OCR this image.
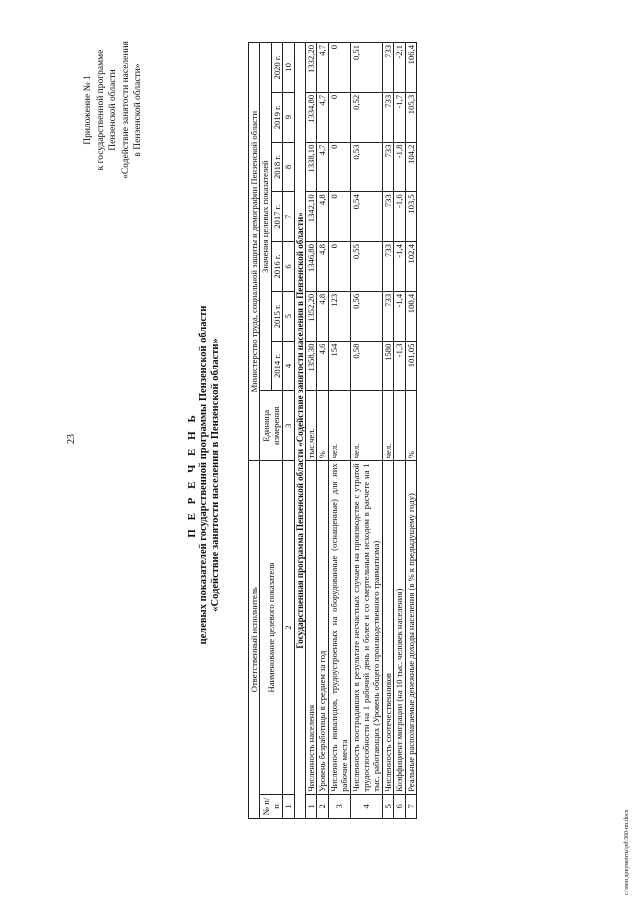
23
Приложение № 1 к государственной программе Пензенской области «Содействие занятости населения в Пензенской области»
П Е Р Е Ч Е Н Ь целевых показателей государственной программы Пензенской области «Содействие занятости населения в Пензенской области»
Ответственный исполнитель		Министерство труда, социальной защиты и демографии Пензенской области							
№ п/п	Наименование целевого показателя	Единица измерения	Значения целевых показателей						
			2014 г.	2015 г.	2016 г.	2017 г.	2018 г.	2019 г.	2020 г.
1	2	3	4	5	6	7	8	9	10
Государственная программа Пензенской области «Содействие занятости населения в Пензенской области»									
1	Численность населения	тыс.чел.	1358,30	1352,20	1346,80	1342,10	1338,10	1334,80	1332,20
2	Уровень безработицы в среднем за год	%	4,6	4,8	4,8	4,8	4,7	4,7	4,7
3	Численность инвалидов, трудоустроенных на оборудованные (оснащенные) для них рабочие места	чел.	154	123	0	0	0	0	0
4	Численность пострадавших в результате несчастных случаев на производстве с утратой трудоспособности на 1 рабочий день и более и со смертельным исходом в расчете на 1 тыс. работающих (Уровень общего производственного травматизма)	чел.	0,58	0,56	0,55	0,54	0,53	0,52	0,51
5	Численность соотечественников	чел.	1580	733	733	733	733	733	733
6	Коэффициент миграции (на 10 тыс. человек населения)		-1,3	-1,4	-1,4	-1,6	-1,8	-1,7	-2,1
7	Реальные располагаемые денежные доходы населения (в % к предыдущему году)	%	101,05	100,4	102,4	103,5	104,2	105,3	106,4
c:\мои документы\pd\360-пп.docx
